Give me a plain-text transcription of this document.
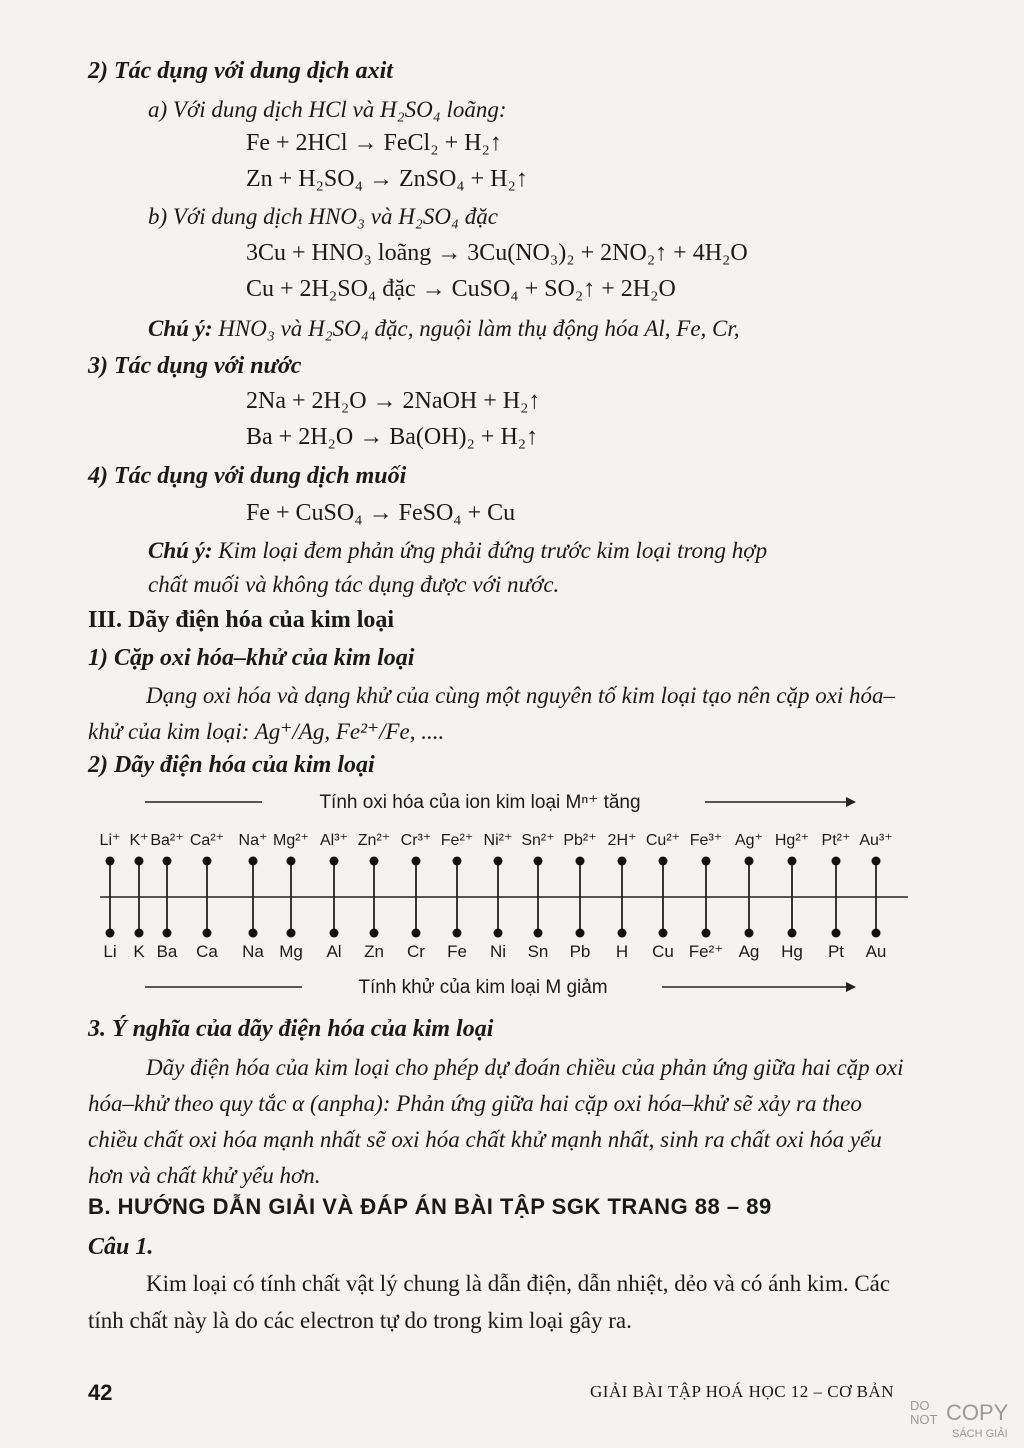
2) Tác dụng với dung dịch axit
a) Với dung dịch HCl và H₂SO₄ loãng:
Fe + 2HCl → FeCl₂ + H₂↑
Zn + H₂SO₄ → ZnSO₄ + H₂↑
b) Với dung dịch HNO₃ và H₂SO₄ đặc
3Cu + HNO₃ loãng → 3Cu(NO₃)₂ + 2NO₂↑ + 4H₂O
Cu + 2H₂SO₄ đặc → CuSO₄ + SO₂↑ + 2H₂O
Chú ý: HNO₃ và H₂SO₄ đặc, nguội làm thụ động hóa Al, Fe, Cr,
3) Tác dụng với nước
2Na + 2H₂O → 2NaOH + H₂↑
Ba + 2H₂O → Ba(OH)₂ + H₂↑
4) Tác dụng với dung dịch muối
Fe + CuSO₄ → FeSO₄ + Cu
Chú ý: Kim loại đem phản ứng phải đứng trước kim loại trong hợp
chất muối và không tác dụng được với nước.
III. Dãy điện hóa của kim loại
1) Cặp oxi hóa–khử của kim loại
Dạng oxi hóa và dạng khử của cùng một nguyên tố kim loại tạo nên cặp oxi hóa–khử của kim loại: Ag⁺/Ag, Fe²⁺/Fe, ....
2) Dãy điện hóa của kim loại
Tính oxi hóa của ion kim loại Mⁿ⁺ tăng
Li⁺
Li
K⁺
K
Ba²⁺
Ba
Ca²⁺
Ca
Na⁺
Na
Mg²⁺
Mg
Al³⁺
Al
Zn²⁺
Zn
Cr³⁺
Cr
Fe²⁺
Fe
Ni²⁺
Ni
Sn²⁺
Sn
Pb²⁺
Pb
2H⁺
H
Cu²⁺
Cu
Fe³⁺
Fe²⁺
Ag⁺
Ag
Hg²⁺
Hg
Pt²⁺
Pt
Au³⁺
Au
Tính khử của kim loại M giảm
3. Ý nghĩa của dãy điện hóa của kim loại
Dãy điện hóa của kim loại cho phép dự đoán chiều của phản ứng giữa hai cặp oxi hóa–khử theo quy tắc α (anpha): Phản ứng giữa hai cặp oxi hóa–khử sẽ xảy ra theo chiều chất oxi hóa mạnh nhất sẽ oxi hóa chất khử mạnh nhất, sinh ra chất oxi hóa yếu hơn và chất khử yếu hơn.
B. HƯỚNG DẪN GIẢI VÀ ĐÁP ÁN BÀI TẬP SGK TRANG 88 – 89
Câu 1.
Kim loại có tính chất vật lý chung là dẫn điện, dẫn nhiệt, dẻo và có ánh kim. Các tính chất này là do các electron tự do trong kim loại gây ra.
42	GIẢI BÀI TẬP HOÁ HỌC 12 – CƠ BẢN
DO
NOT COPY
SÁCH GIẢI
